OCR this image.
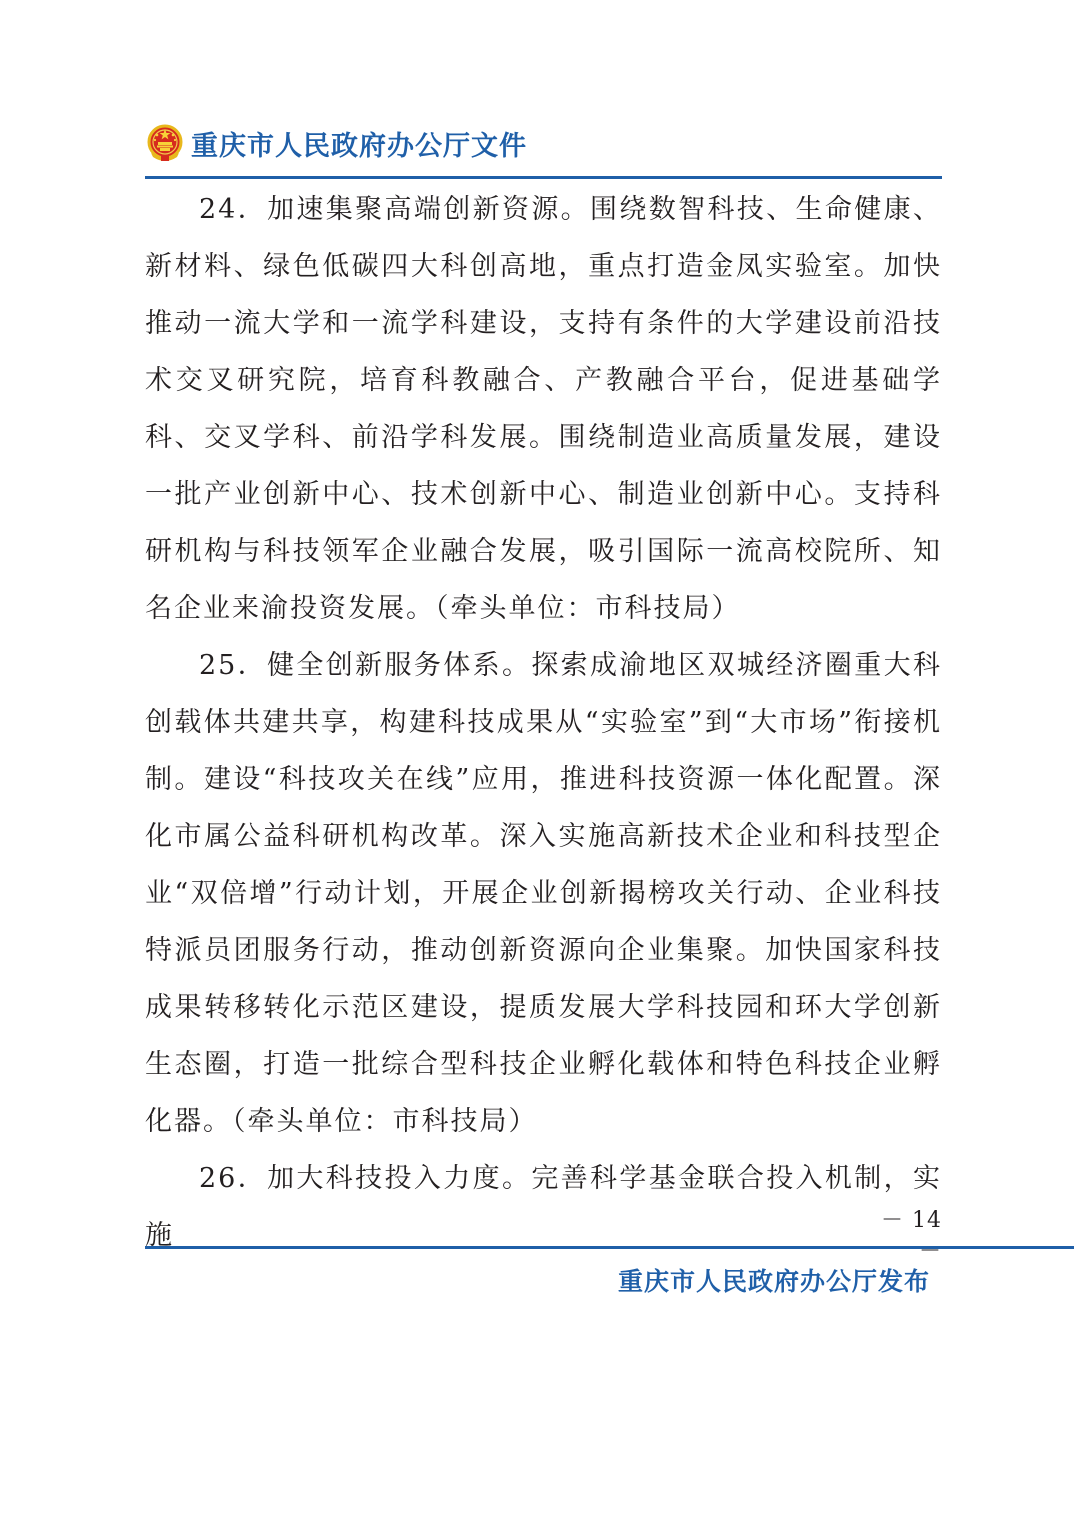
重庆市人民政府办公厅文件

24．加速集聚高端创新资源。围绕数智科技、生命健康、新材料、绿色低碳四大科创高地，重点打造金凤实验室。加快推动一流大学和一流学科建设，支持有条件的大学建设前沿技术交叉研究院，培育科教融合、产教融合平台，促进基础学科、交叉学科、前沿学科发展。围绕制造业高质量发展，建设一批产业创新中心、技术创新中心、制造业创新中心。支持科研机构与科技领军企业融合发展，吸引国际一流高校院所、知名企业来渝投资发展。（牵头单位：市科技局）

25．健全创新服务体系。探索成渝地区双城经济圈重大科创载体共建共享，构建科技成果从“实验室”到“大市场”衔接机制。建设“科技攻关在线”应用，推进科技资源一体化配置。深化市属公益科研机构改革。深入实施高新技术企业和科技型企业“双倍增”行动计划，开展企业创新揭榜攻关行动、企业科技特派员团服务行动，推动创新资源向企业集聚。加快国家科技成果转移转化示范区建设，提质发展大学科技园和环大学创新生态圈，打造一批综合型科技企业孵化载体和特色科技企业孵化器。（牵头单位：市科技局）

26．加大科技投入力度。完善科学基金联合投入机制，实施	－ 14 －
重庆市人民政府办公厅发布
